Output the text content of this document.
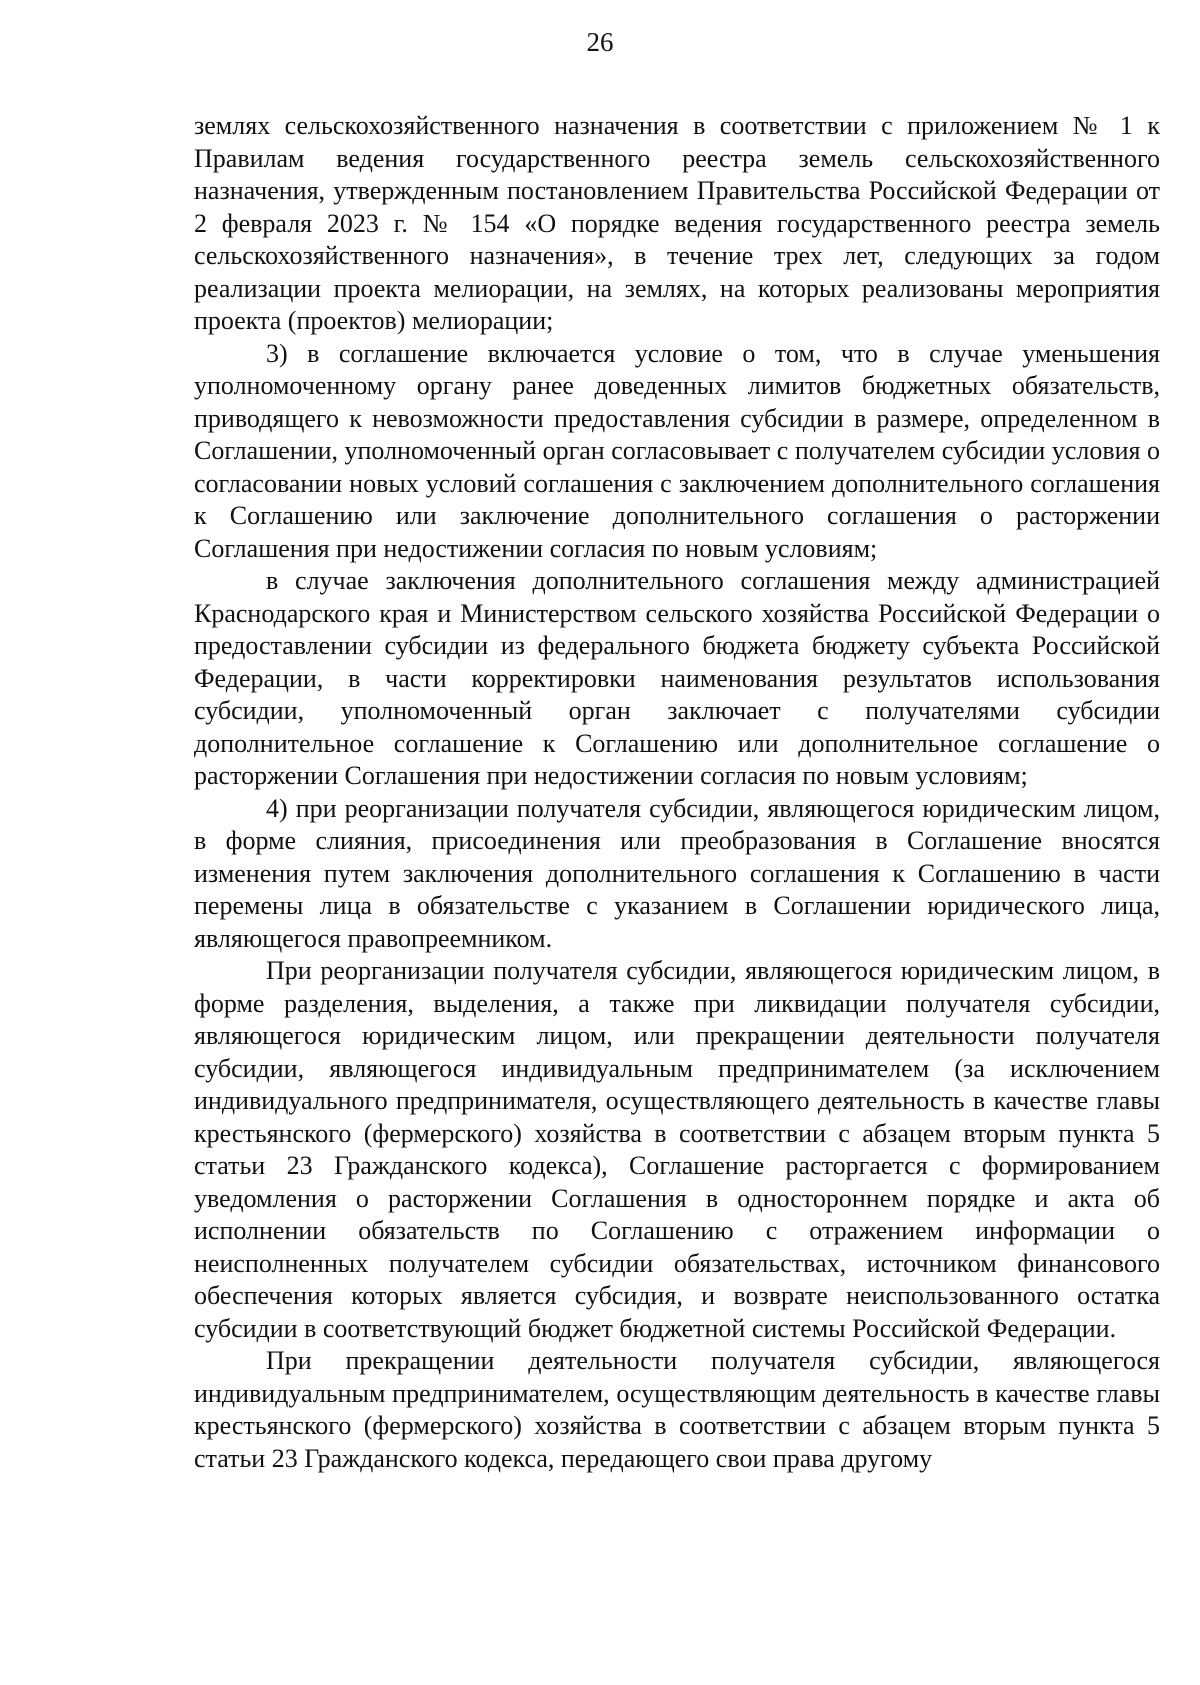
26

землях сельскохозяйственного назначения в соответствии с приложением № 1 к Правилам ведения государственного реестра земель сельскохозяйственного назначения, утвержденным постановлением Правительства Российской Федерации от 2 февраля 2023 г. № 154 «О порядке ведения государственного реестра земель сельскохозяйственного назначения», в течение трех лет, следующих за годом реализации проекта мелиорации, на землях, на которых реализованы мероприятия проекта (проектов) мелиорации;

3) в соглашение включается условие о том, что в случае уменьшения уполномоченному органу ранее доведенных лимитов бюджетных обязательств, приводящего к невозможности предоставления субсидии в размере, определенном в Соглашении, уполномоченный орган согласовывает с получателем субсидии условия о согласовании новых условий соглашения с заключением дополнительного соглашения к Соглашению или заключение дополнительного соглашения о расторжении Соглашения при недостижении согласия по новым условиям;

в случае заключения дополнительного соглашения между администрацией Краснодарского края и Министерством сельского хозяйства Российской Федерации о предоставлении субсидии из федерального бюджета бюджету субъекта Российской Федерации, в части корректировки наименования результатов использования субсидии, уполномоченный орган заключает с получателями субсидии дополнительное соглашение к Соглашению или дополнительное соглашение о расторжении Соглашения при недостижении согласия по новым условиям;

4) при реорганизации получателя субсидии, являющегося юридическим лицом, в форме слияния, присоединения или преобразования в Соглашение вносятся изменения путем заключения дополнительного соглашения к Соглашению в части перемены лица в обязательстве с указанием в Соглашении юридического лица, являющегося правопреемником.

При реорганизации получателя субсидии, являющегося юридическим лицом, в форме разделения, выделения, а также при ликвидации получателя субсидии, являющегося юридическим лицом, или прекращении деятельности получателя субсидии, являющегося индивидуальным предпринимателем (за исключением индивидуального предпринимателя, осуществляющего деятельность в качестве главы крестьянского (фермерского) хозяйства в соответствии с абзацем вторым пункта 5 статьи 23 Гражданского кодекса), Соглашение расторгается с формированием уведомления о расторжении Соглашения в одностороннем порядке и акта об исполнении обязательств по Соглашению с отражением информации о неисполненных получателем субсидии обязательствах, источником финансового обеспечения которых является субсидия, и возврате неиспользованного остатка субсидии в соответствующий бюджет бюджетной системы Российской Федерации.

При прекращении деятельности получателя субсидии, являющегося индивидуальным предпринимателем, осуществляющим деятельность в качестве главы крестьянского (фермерского) хозяйства в соответствии с абзацем вторым пункта 5 статьи 23 Гражданского кодекса, передающего свои права другому
